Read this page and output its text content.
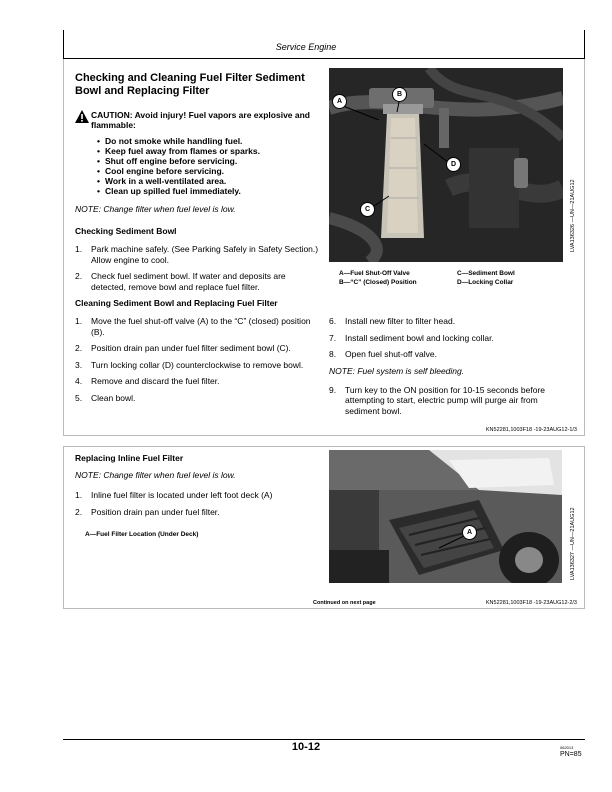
Service Engine
Checking and Cleaning Fuel Filter Sediment Bowl and Replacing Filter
CAUTION: Avoid injury! Fuel vapors are explosive and flammable:
• Do not smoke while handling fuel.
• Keep fuel away from flames or sparks.
• Shut off engine before servicing.
• Cool engine before servicing.
• Work in a well-ventilated area.
• Clean up spilled fuel immediately.
NOTE: Change filter when fuel level is low.
Checking Sediment Bowl
1. Park machine safely. (See Parking Safely in Safety Section.) Allow engine to cool.
2. Check fuel sediment bowl. If water and deposits are detected, remove bowl and replace fuel filter.
Cleaning Sediment Bowl and Replacing Fuel Filter
1. Move the fuel shut-off valve (A) to the “C” (closed) position (B).
2. Position drain pan under fuel filter sediment bowl (C).
3. Turn locking collar (D) counterclockwise to remove bowl.
4. Remove and discard the fuel filter.
5. Clean bowl.
A
B
C
D
LVA136326 —UN—21AUG12
A—Fuel Shut-Off Valve
B—“C” (Closed) Position
C—Sediment Bowl
D—Locking Collar
6. Install new filter to filter head.
7. Install sediment bowl and locking collar.
8. Open fuel shut-off valve.
NOTE: Fuel system is self bleeding.
9. Turn key to the ON position for 10-15 seconds before attempting to start, electric pump will purge air from sediment bowl.
KN52281,1003F18 -19-23AUG12-1/3
Replacing Inline Fuel Filter
NOTE: Change filter when fuel level is low.
1. Inline fuel filter is located under left foot deck (A)
2. Position drain pan under fuel filter.
A—Fuel Filter Location (Under Deck)	A	LVA136327 —UN—21AUG12
Continued on next page	KN52281,1003F18 -19-23AUG12-2/3
10-12	062013
PN=85
